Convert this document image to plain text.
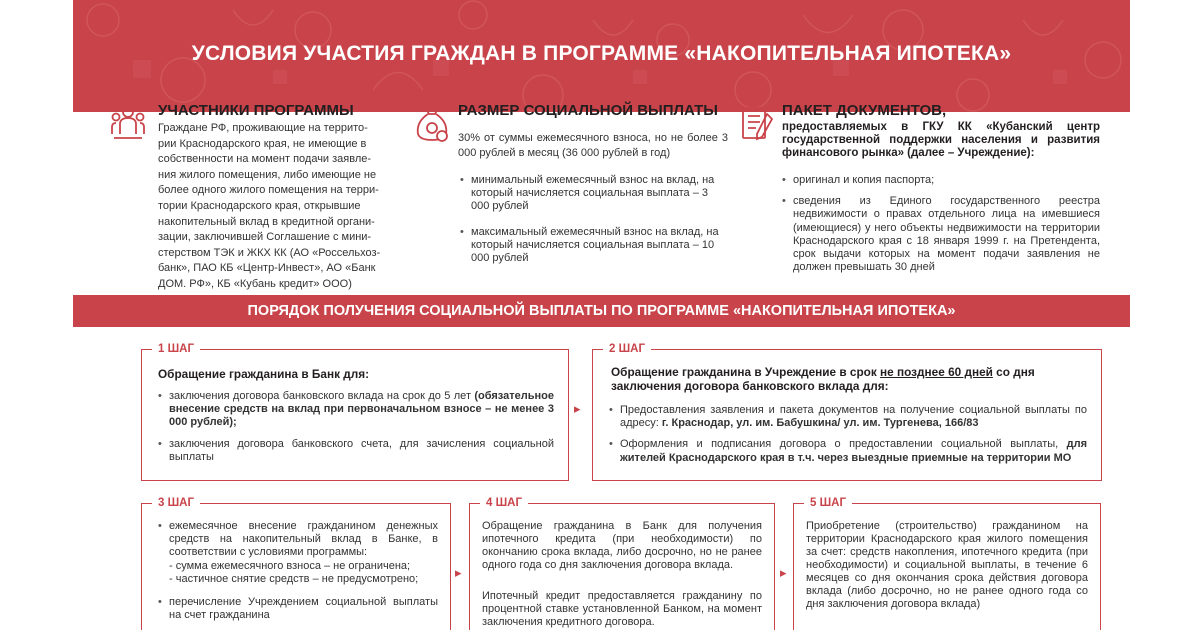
УСЛОВИЯ УЧАСТИЯ ГРАЖДАН В ПРОГРАММЕ «НАКОПИТЕЛЬНАЯ ИПОТЕКА»
УЧАСТНИКИ ПРОГРАММЫ
Граждане РФ, проживающие на террито-
рии Краснодарского края, не имеющие в
собственности на момент подачи заявле-
ния жилого помещения, либо имеющие не
более одного жилого помещения на терри-
тории Краснодарского края, открывшие
накопительный вклад в кредитной органи-
зации, заключившей Соглашение с мини-
стерством ТЭК и ЖКХ КК (АО «Россельхоз-
банк», ПАО КБ «Центр-Инвест», АО «Банк
ДОМ. РФ», КБ «Кубань кредит» ООО)
РАЗМЕР СОЦИАЛЬНОЙ ВЫПЛАТЫ
30% от суммы ежемесячного взноса, но не более 3 000 рублей в месяц (36 000 рублей в год)
• минимальный ежемесячный взнос на вклад, на который начисляется социальная выплата – 3 000 рублей
• максимальный ежемесячный взнос на вклад, на который начисляется социальная выплата – 10 000 рублей
ПАКЕТ ДОКУМЕНТОВ,
предоставляемых в ГКУ КК «Кубанский центр государственной поддержки населения и развития финансового рынка» (далее – Учреждение):
• оригинал и копия паспорта;
• сведения из Единого государственного реестра недвижимости о правах отдельного лица на имевшиеся (имеющиеся) у него объекты недвижимости на территории Краснодарского края с 18 января 1999 г. на Претендента, срок выдачи которых на момент подачи заявления не должен превышать 30 дней
ПОРЯДОК ПОЛУЧЕНИЯ СОЦИАЛЬНОЙ ВЫПЛАТЫ ПО ПРОГРАММЕ «НАКОПИТЕЛЬНАЯ ИПОТЕКА»
1 ШАГ
Обращение гражданина в Банк для:
• заключения договора банковского вклада на срок до 5 лет (обязательное внесение средств на вклад при первоначальном взносе – не менее 3 000 рублей);
• заключения договора банковского счета, для зачисления социальной выплаты
▸
2 ШАГ
Обращение гражданина в Учреждение в срок не позднее 60 дней со дня заключения договора банковского вклада для:
• Предоставления заявления и пакета документов на получение социальной выплаты по адресу: г. Краснодар, ул. им. Бабушкина/ ул. им. Тургенева, 166/83
• Оформления и подписания договора о предоставлении социальной выплаты, для жителей Краснодарского края в т.ч. через выездные приемные на территории МО
3 ШАГ
• ежемесячное внесение гражданином денежных средств на накопительный вклад в Банке, в соответствии с условиями программы:
- сумма ежемесячного взноса – не ограничена;
- частичное снятие средств – не предусмотрено;
• перечисление Учреждением социальной выплаты на счет гражданина
▸
4 ШАГ
Обращение гражданина в Банк для получения ипотечного кредита (при необходимости) по окончанию срока вклада, либо досрочно, но не ранее одного года со дня заключения договора вклада.
Ипотечный кредит предоставляется гражданину по процентной ставке установленной Банком, на момент заключения кредитного договора.
▸
5 ШАГ
Приобретение (строительство) гражданином на территории Краснодарского края жилого помещения за счет: средств накопления, ипотечного кредита (при необходимости) и социальной выплаты, в течение 6 месяцев со дня окончания срока действия договора вклада (либо досрочно, но не ранее одного года со дня заключения договора вклада)
